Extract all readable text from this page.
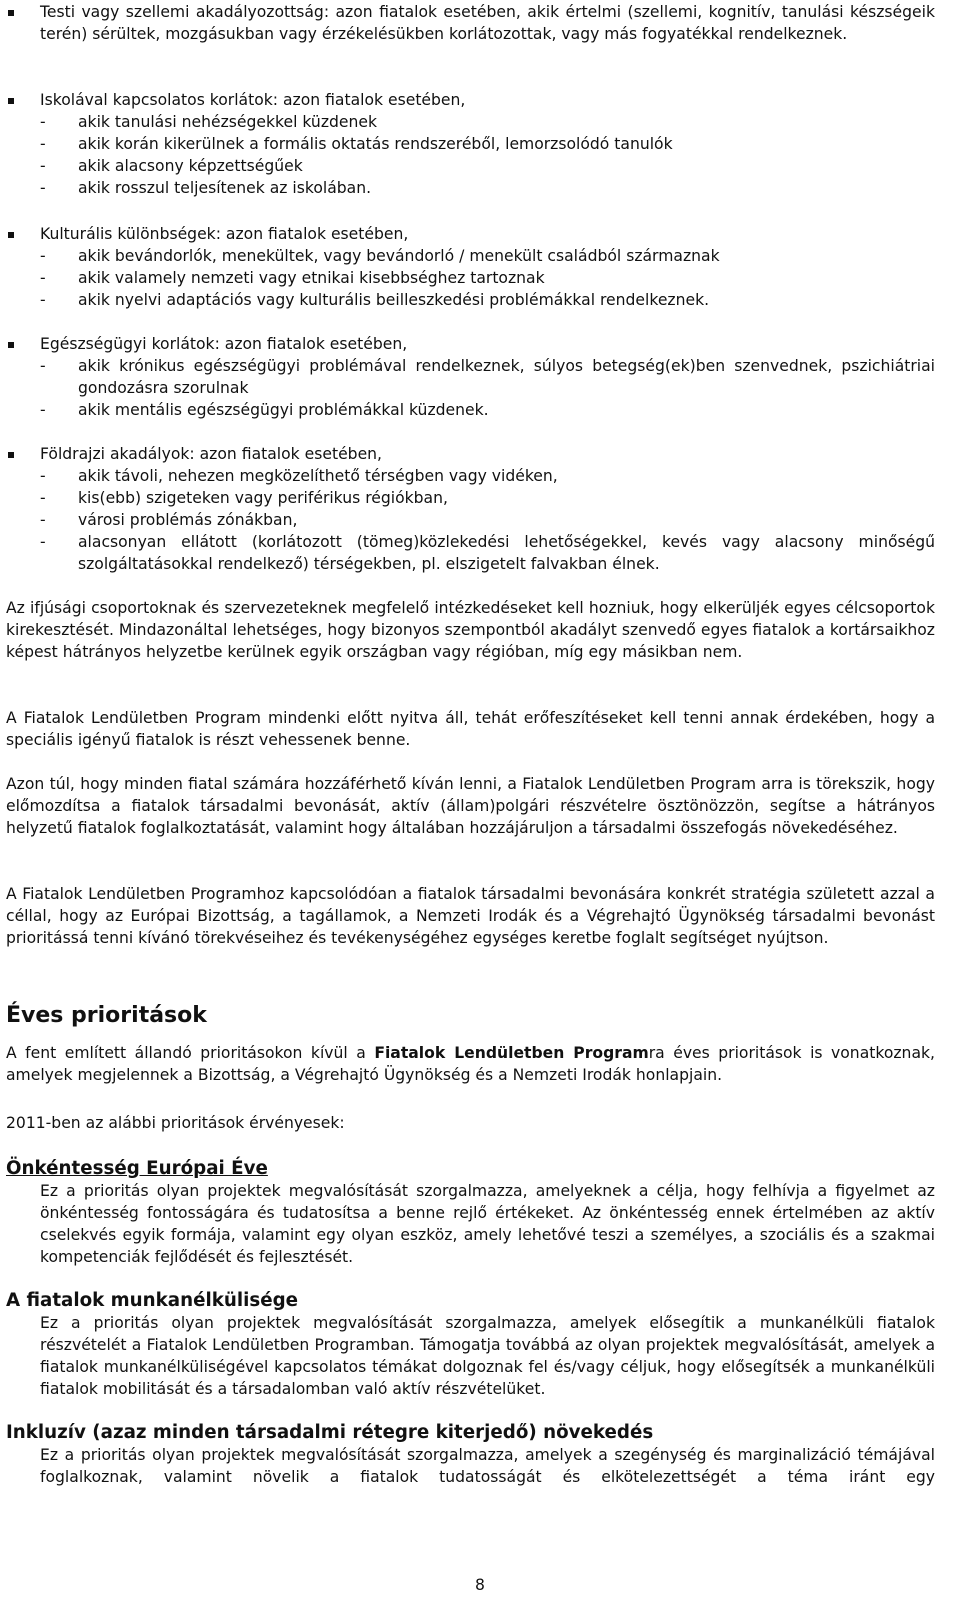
Testi vagy szellemi akadályozottság: azon fiatalok esetében, akik értelmi (szellemi, kognitív, tanulási készségeik terén) sérültek, mozgásukban vagy érzékelésükben korlátozottak, vagy más fogyatékkal rendelkeznek.

Iskolával kapcsolatos korlátok: azon fiatalok esetében,

-	akik tanulási nehézségekkel küzdenek

-	akik korán kikerülnek a formális oktatás rendszeréből, lemorzsolódó tanulók

-	akik alacsony képzettségűek

-	akik rosszul teljesítenek az iskolában.

Kulturális különbségek: azon fiatalok esetében,

-	akik bevándorlók, menekültek, vagy bevándorló / menekült családból származnak

-	akik valamely nemzeti vagy etnikai kisebbséghez tartoznak

-	akik nyelvi adaptációs vagy kulturális beilleszkedési problémákkal rendelkeznek.

Egészségügyi korlátok: azon fiatalok esetében,

-	akik krónikus egészségügyi problémával rendelkeznek, súlyos betegség(ek)ben szenvednek, pszichiátriai gondozásra szorulnak

-	akik mentális egészségügyi problémákkal küzdenek.

Földrajzi akadályok: azon fiatalok esetében,

-	akik távoli, nehezen megközelíthető térségben vagy vidéken,

-	kis(ebb) szigeteken vagy periférikus régiókban,

-	városi problémás zónákban,

-	alacsonyan ellátott (korlátozott (tömeg)közlekedési lehetőségekkel, kevés vagy alacsony minőségű szolgáltatásokkal rendelkező) térségekben, pl. elszigetelt falvakban élnek.

Az ifjúsági csoportoknak és szervezeteknek megfelelő intézkedéseket kell hozniuk, hogy elkerüljék egyes célcsoportok kirekesztését. Mindazonáltal lehetséges, hogy bizonyos szempontból akadályt szenvedő egyes fiatalok a kortársaikhoz képest hátrányos helyzetbe kerülnek egyik országban vagy régióban, míg egy másikban nem.

A Fiatalok Lendületben Program mindenki előtt nyitva áll, tehát erőfeszítéseket kell tenni annak érdekében, hogy a speciális igényű fiatalok is részt vehessenek benne.

Azon túl, hogy minden fiatal számára hozzáférhető kíván lenni, a Fiatalok Lendületben Program arra is törekszik, hogy előmozdítsa a fiatalok társadalmi bevonását, aktív (állam)polgári részvételre ösztönözzön, segítse a hátrányos helyzetű fiatalok foglalkoztatását, valamint hogy általában hozzájáruljon a társadalmi összefogás növekedéséhez.

A Fiatalok Lendületben Programhoz kapcsolódóan a fiatalok társadalmi bevonására konkrét stratégia született azzal a céllal, hogy az Európai Bizottság, a tagállamok, a Nemzeti Irodák és a Végrehajtó Ügynökség társadalmi bevonást prioritássá tenni kívánó törekvéseihez és tevékenységéhez egységes keretbe foglalt segítséget nyújtson.

Éves prioritások

A fent említett állandó prioritásokon kívül a Fiatalok Lendületben Programra éves prioritások is vonatkoznak, amelyek megjelennek a Bizottság, a Végrehajtó Ügynökség és a Nemzeti Irodák honlapjain.

2011-ben az alábbi prioritások érvényesek:

Önkéntesség Európai Éve

Ez a prioritás olyan projektek megvalósítását szorgalmazza, amelyeknek a célja, hogy felhívja a figyelmet az önkéntesség fontosságára és tudatosítsa a benne rejlő értékeket. Az önkéntesség ennek értelmében az aktív cselekvés egyik formája, valamint egy olyan eszköz, amely lehetővé teszi a személyes, a szociális és a szakmai kompetenciák fejlődését és fejlesztését.

A fiatalok munkanélkülisége

Ez a prioritás olyan projektek megvalósítását szorgalmazza, amelyek elősegítik a munkanélküli fiatalok részvételét a Fiatalok Lendületben Programban. Támogatja továbbá az olyan projektek megvalósítását, amelyek a fiatalok munkanélküliségével kapcsolatos témákat dolgoznak fel és/vagy céljuk, hogy elősegítsék a munkanélküli fiatalok mobilitását és a társadalomban való aktív részvételüket.

Inkluzív (azaz minden társadalmi rétegre kiterjedő) növekedés

Ez a prioritás olyan projektek megvalósítását szorgalmazza, amelyek a szegénység és marginalizáció témájával foglalkoznak, valamint növelik a fiatalok tudatosságát és elkötelezettségét a téma iránt egy

8
